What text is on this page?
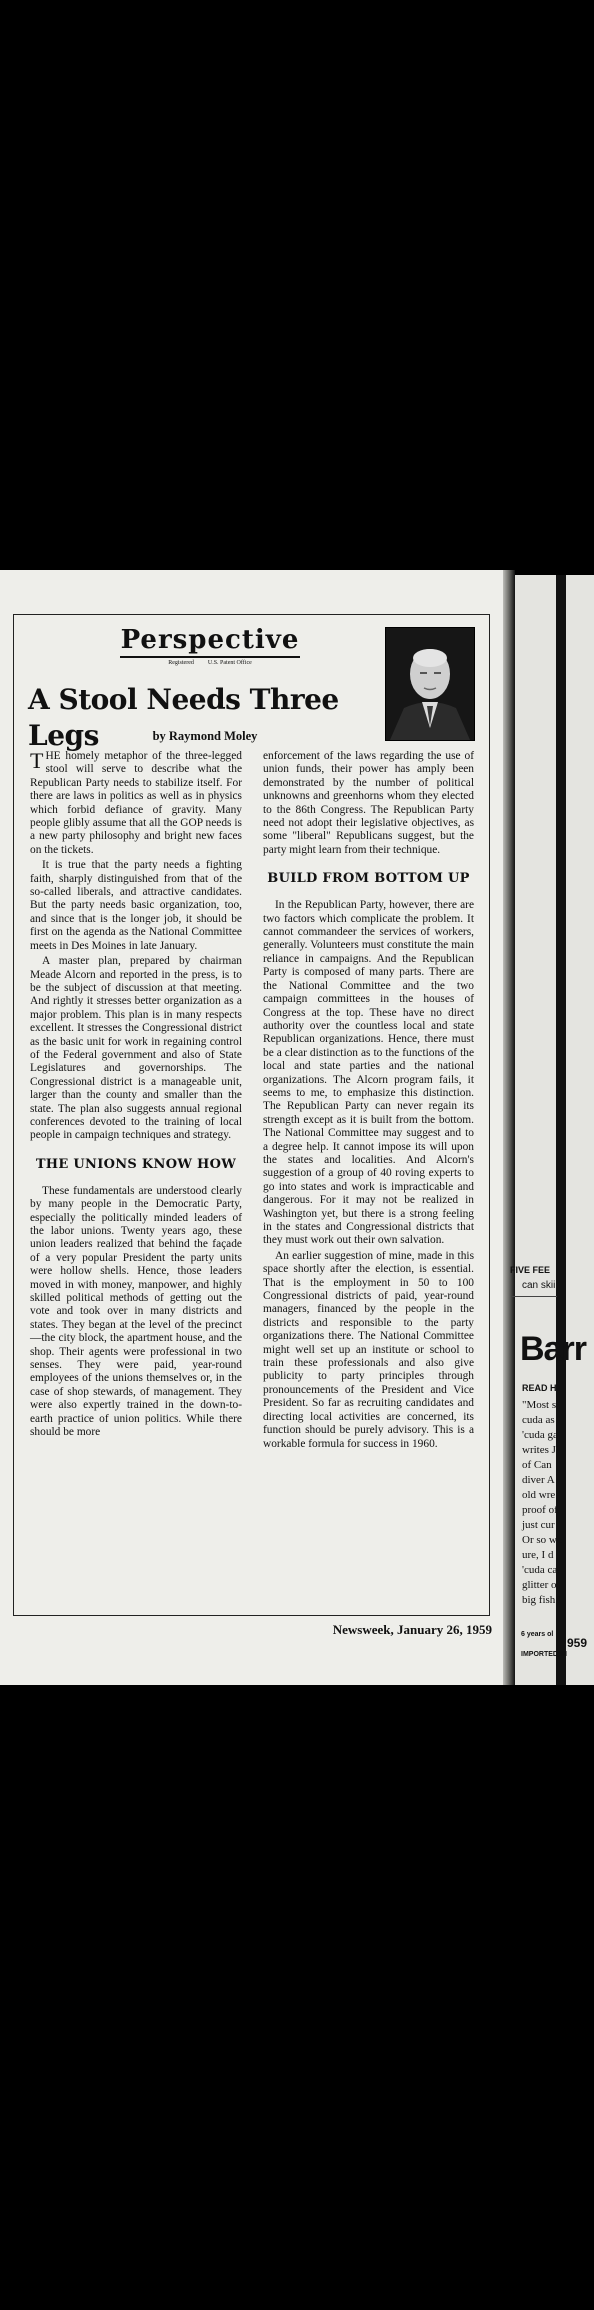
Perspective
Registered U.S. Patent Office
A Stool Needs Three Legs	by Raymond Moley

THE homely metaphor of the three-legged stool will serve to describe what the Republican Party needs to stabilize itself. For there are laws in politics as well as in physics which forbid defiance of gravity. Many people glibly assume that all the GOP needs is a new party philosophy and bright new faces on the tickets.

It is true that the party needs a fighting faith, sharply distinguished from that of the so-called liberals, and attractive candidates. But the party needs basic organization, too, and since that is the longer job, it should be first on the agenda as the National Committee meets in Des Moines in late January.

A master plan, prepared by chairman Meade Alcorn and reported in the press, is to be the subject of discussion at that meeting. And rightly it stresses better organization as a major problem. This plan is in many respects excellent. It stresses the Congressional district as the basic unit for work in regaining control of the Federal government and also of State Legislatures and governorships. The Congressional district is a manageable unit, larger than the county and smaller than the state. The plan also suggests annual regional conferences devoted to the training of local people in campaign techniques and strategy.

THE UNIONS KNOW HOW

These fundamentals are understood clearly by many people in the Democratic Party, especially the politically minded leaders of the labor unions. Twenty years ago, these union leaders realized that behind the façade of a very popular President the party units were hollow shells. Hence, those leaders moved in with money, manpower, and highly skilled political methods of getting out the vote and took over in many districts and states. They began at the level of the precinct—the city block, the apartment house, and the shop. Their agents were professional in two senses. They were paid, year-round employees of the unions themselves or, in the case of shop stewards, of management. They were also expertly trained in the down-to-earth practice of union politics. While there should be more

enforcement of the laws regarding the use of union funds, their power has amply been demonstrated by the number of political unknowns and greenhorns whom they elected to the 86th Congress. The Republican Party need not adopt their legislative objectives, as some "liberal" Republicans suggest, but the party might learn from their technique.

BUILD FROM BOTTOM UP

In the Republican Party, however, there are two factors which complicate the problem. It cannot commandeer the services of workers, generally. Volunteers must constitute the main reliance in campaigns. And the Republican Party is composed of many parts. There are the National Committee and the two campaign committees in the houses of Congress at the top. These have no direct authority over the countless local and state Republican organizations. Hence, there must be a clear distinction as to the functions of the local and state parties and the national organizations. The Alcorn program fails, it seems to me, to emphasize this distinction. The Republican Party can never regain its strength except as it is built from the bottom. The National Committee may suggest and to a degree help. It cannot impose its will upon the states and localities. And Alcorn's suggestion of a group of 40 roving experts to go into states and work is impracticable and dangerous. For it may not be realized in Washington yet, but there is a strong feeling in the states and Congressional districts that they must work out their own salvation.

An earlier suggestion of mine, made in this space shortly after the election, is essential. That is the employment in 50 to 100 Congressional districts of paid, year-round managers, financed by the people in the districts and responsible to the party organizations there. The National Committee might well set up an institute or school to train these professionals and also give publicity to party principles through pronouncements of the President and Vice President. So far as recruiting candidates and directing local activities are concerned, its function should be purely advisory. This is a workable formula for success in 1960.

Newsweek, January 26, 1959
FIVE FEE
can skii
Barr
READ H
"Most s·
cuda as
'cuda ga
writes J
of Can
diver A
old wre
proof of
just cur
Or so we
ure, I d
'cuda ca
glitter o
big fish i
6 years ol
IMPORTED IN
959
